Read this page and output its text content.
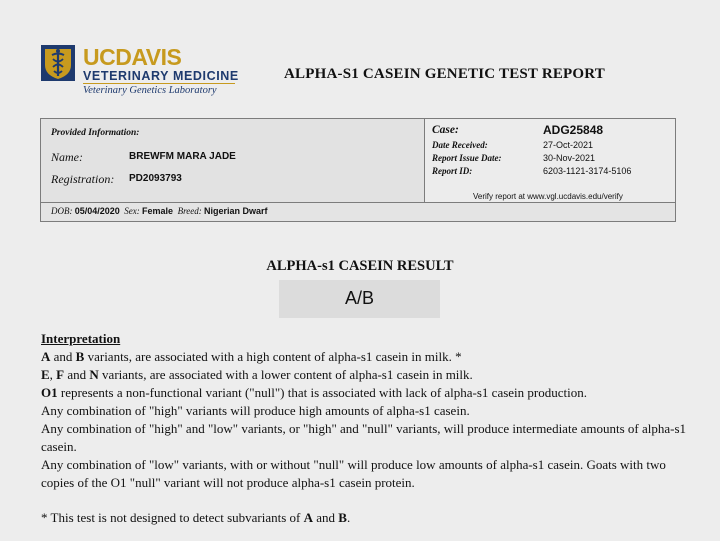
UCDAVIS
VETERINARY MEDICINE
Veterinary Genetics Laboratory
ALPHA-S1 CASEIN GENETIC TEST REPORT
Provided Information:
Name:	BREWFM MARA JADE
Registration: PD2093793
Case:	ADG25848
Date Received:	27-Oct-2021
Report Issue Date:	30-Nov-2021
Report ID:	6203-1121-3174-5106
Verify report at www.vgl.ucdavis.edu/verify
DOB: 05/04/2020 Sex: Female Breed: Nigerian Dwarf
ALPHA-s1 CASEIN RESULT
A/B

Interpretation

A and B variants, are associated with a high content of alpha-s1 casein in milk. *

E, F and N variants, are associated with a lower content of alpha-s1 casein in milk.

O1 represents a non-functional variant ("null") that is associated with lack of alpha-s1 casein production.

Any combination of "high" variants will produce high amounts of alpha-s1 casein.

Any combination of "high" and "low" variants, or "high" and "null" variants, will produce intermediate amounts of alpha-s1 casein.

Any combination of "low" variants, with or without "null" will produce low amounts of alpha-s1 casein. Goats with two copies of the O1 "null" variant will not produce alpha-s1 casein protein.

* This test is not designed to detect subvariants of A and B.
